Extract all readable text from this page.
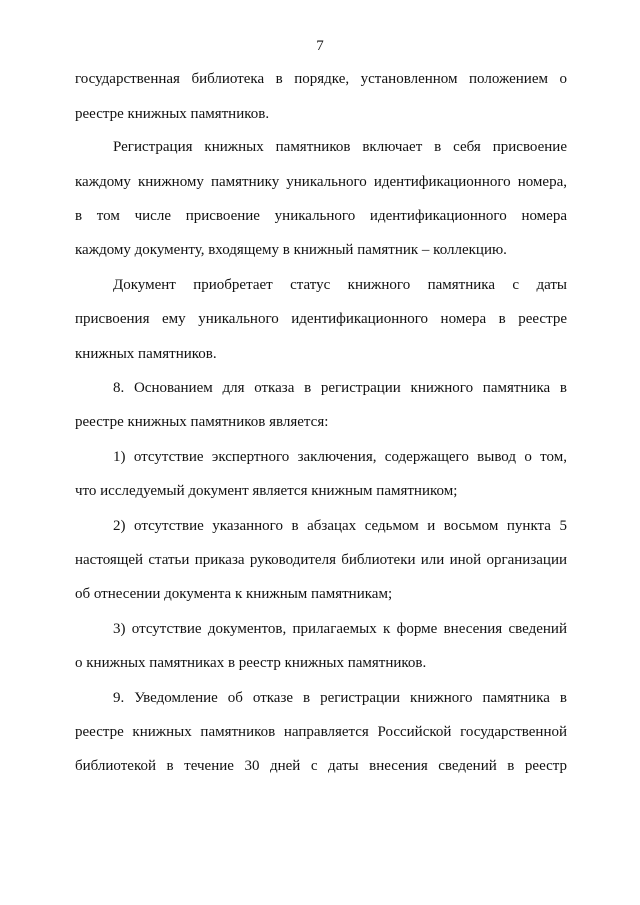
7
государственная библиотека в порядке, установленном положением о
реестре книжных памятников.
Регистрация книжных памятников включает в себя присвоение
каждому книжному памятнику уникального идентификационного номера,
в том числе присвоение уникального идентификационного номера
каждому документу, входящему в книжный памятник – коллекцию.
Документ приобретает статус книжного памятника с даты
присвоения ему уникального идентификационного номера в реестре
книжных памятников.
8. Основанием для отказа в регистрации книжного памятника в
реестре книжных памятников является:
1) отсутствие экспертного заключения, содержащего вывод о том,
что исследуемый документ является книжным памятником;
2) отсутствие указанного в абзацах седьмом и восьмом пункта 5
настоящей статьи приказа руководителя библиотеки или иной организации
об отнесении документа к книжным памятникам;
3) отсутствие документов, прилагаемых к форме внесения сведений
о книжных памятниках в реестр книжных памятников.
9. Уведомление об отказе в регистрации книжного памятника в
реестре книжных памятников направляется Российской государственной
библиотекой в течение 30 дней с даты внесения сведений в реестр
